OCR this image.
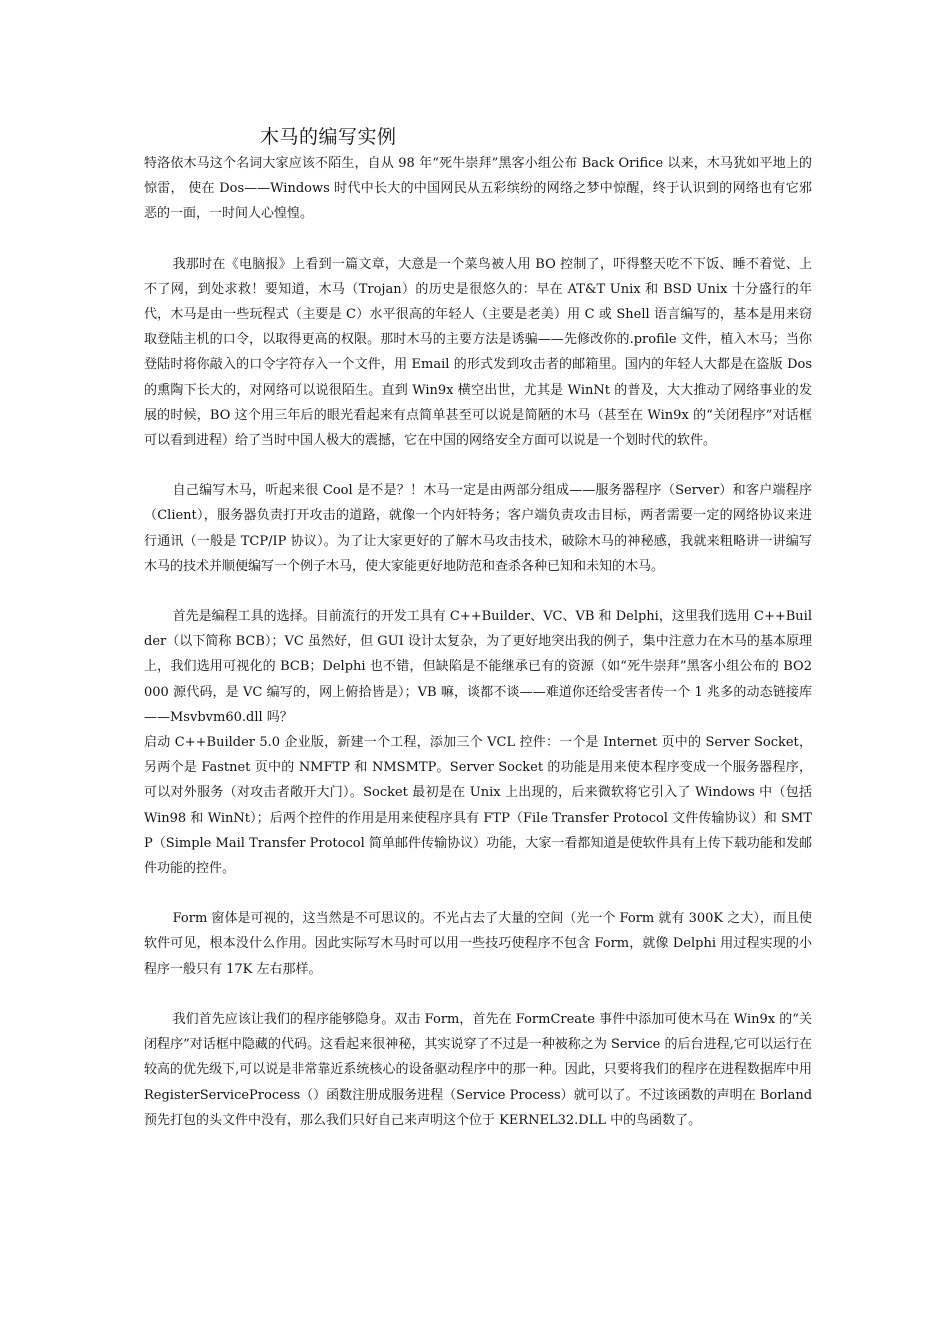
木马的编写实例

特洛依木马这个名词大家应该不陌生，自从 98 年“死牛崇拜”黑客小组公布 Back Orifice 以来，木马犹如平地上的惊雷， 使在 Dos——Windows 时代中长大的中国网民从五彩缤纷的网络之梦中惊醒，终于认识到的网络也有它邪恶的一面，一时间人心惶惶。

我那时在《电脑报》上看到一篇文章，大意是一个菜鸟被人用 BO 控制了，吓得整天吃不下饭、睡不着觉、上不了网，到处求救！要知道，木马（Trojan）的历史是很悠久的：早在 AT&T Unix 和 BSD Unix 十分盛行的年代，木马是由一些玩程式（主要是 C）水平很高的年轻人（主要是老美）用 C 或 Shell 语言编写的，基本是用来窃取登陆主机的口令，以取得更高的权限。那时木马的主要方法是诱骗——先修改你的.profile 文件，植入木马；当你登陆时将你敲入的口令字符存入一个文件，用 Email 的形式发到攻击者的邮箱里。国内的年轻人大都是在盗版 Dos 的熏陶下长大的，对网络可以说很陌生。直到 Win9x 横空出世，尤其是 WinNt 的普及，大大推动了网络事业的发展的时候，BO 这个用三年后的眼光看起来有点简单甚至可以说是简陋的木马（甚至在 Win9x 的“关闭程序”对话框可以看到进程）给了当时中国人极大的震撼，它在中国的网络安全方面可以说是一个划时代的软件。

自己编写木马，听起来很 Cool 是不是？！木马一定是由两部分组成——服务器程序（Server）和客户端程序（Client），服务器负责打开攻击的道路，就像一个内奸特务；客户端负责攻击目标，两者需要一定的网络协议来进行通讯（一般是 TCP/IP 协议）。为了让大家更好的了解木马攻击技术，破除木马的神秘感，我就来粗略讲一讲编写木马的技术并顺便编写一个例子木马，使大家能更好地防范和查杀各种已知和未知的木马。

首先是编程工具的选择。目前流行的开发工具有 C++Builder、VC、VB 和 Delphi，这里我们选用 C++Builder（以下简称 BCB）；VC 虽然好，但 GUI 设计太复杂，为了更好地突出我的例子，集中注意力在木马的基本原理上，我们选用可视化的 BCB；Delphi 也不错，但缺陷是不能继承已有的资源（如“死牛崇拜”黑客小组公布的 BO2000 源代码，是 VC 编写的，网上俯拾皆是）；VB 嘛，谈都不谈——难道你还给受害者传一个 1 兆多的动态链接库——Msvbvm60.dll 吗？

启动 C++Builder 5.0 企业版，新建一个工程，添加三个 VCL 控件：一个是 Internet 页中的 Server Socket，另两个是 Fastnet 页中的 NMFTP 和 NMSMTP。Server Socket 的功能是用来使本程序变成一个服务器程序，可以对外服务（对攻击者敞开大门）。Socket 最初是在 Unix 上出现的，后来微软将它引入了 Windows 中（包括 Win98 和 WinNt）；后两个控件的作用是用来使程序具有 FTP（File Transfer Protocol 文件传输协议）和 SMTP（Simple Mail Transfer Protocol 简单邮件传输协议）功能，大家一看都知道是使软件具有上传下载功能和发邮件功能的控件。

Form 窗体是可视的，这当然是不可思议的。不光占去了大量的空间（光一个 Form 就有 300K 之大），而且使软件可见，根本没什么作用。因此实际写木马时可以用一些技巧使程序不包含 Form，就像 Delphi 用过程实现的小程序一般只有 17K 左右那样。

我们首先应该让我们的程序能够隐身。双击 Form，首先在 FormCreate 事件中添加可使木马在 Win9x 的“关闭程序”对话框中隐藏的代码。这看起来很神秘，其实说穿了不过是一种被称之为 Service 的后台进程,它可以运行在较高的优先级下,可以说是非常靠近系统核心的设备驱动程序中的那一种。因此，只要将我们的程序在进程数据库中用 RegisterServiceProcess（）函数注册成服务进程（Service Process）就可以了。不过该函数的声明在 Borland 预先打包的头文件中没有，那么我们只好自己来声明这个位于 KERNEL32.DLL 中的鸟函数了。
